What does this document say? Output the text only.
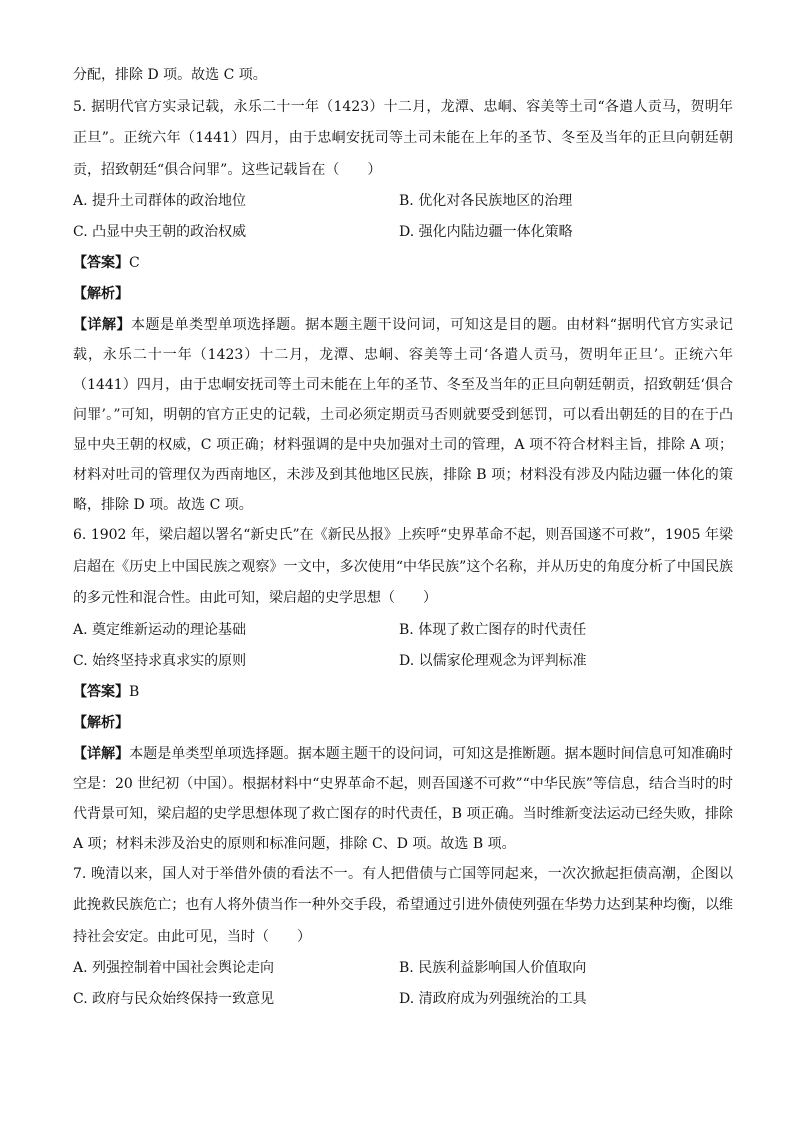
分配，排除 D 项。故选 C 项。

5. 据明代官方实录记载，永乐二十一年（1423）十二月，龙潭、忠峒、容美等土司“各遣人贡马，贺明年正旦”。正统六年（1441）四月，由于忠峒安抚司等土司未能在上年的圣节、冬至及当年的正旦向朝廷朝贡，招致朝廷“俱合问罪”。这些记载旨在（　　）

A. 提升土司群体的政治地位	B. 优化对各民族地区的治理
C. 凸显中央王朝的政治权威	D. 强化内陆边疆一体化策略
【答案】C
【解析】

【详解】本题是单类型单项选择题。据本题主题干设问词，可知这是目的题。由材料“据明代官方实录记载，永乐二十一年（1423）十二月，龙潭、忠峒、容美等土司‘各遣人贡马，贺明年正旦’。正统六年（1441）四月，由于忠峒安抚司等土司未能在上年的圣节、冬至及当年的正旦向朝廷朝贡，招致朝廷‘俱合问罪’。”可知，明朝的官方正史的记载，土司必须定期贡马否则就要受到惩罚，可以看出朝廷的目的在于凸显中央王朝的权威，C 项正确；材料强调的是中央加强对土司的管理，A 项不符合材料主旨，排除 A 项；材料对吐司的管理仅为西南地区，未涉及到其他地区民族，排除 B 项；材料没有涉及内陆边疆一体化的策略，排除 D 项。故选 C 项。

6. 1902 年，梁启超以署名“新史氏”在《新民丛报》上疾呼“史界革命不起，则吾国遂不可救”，1905 年梁启超在《历史上中国民族之观察》一文中，多次使用“中华民族”这个名称，并从历史的角度分析了中国民族的多元性和混合性。由此可知，梁启超的史学思想（　　）

A. 奠定维新运动的理论基础	B. 体现了救亡图存的时代责任
C. 始终坚持求真求实的原则	D. 以儒家伦理观念为评判标准
【答案】B
【解析】

【详解】本题是单类型单项选择题。据本题主题干的设问词，可知这是推断题。据本题时间信息可知准确时空是：20 世纪初（中国）。根据材料中“史界革命不起，则吾国遂不可救”“中华民族”等信息，结合当时的时代背景可知，梁启超的史学思想体现了救亡图存的时代责任，B 项正确。当时维新变法运动已经失败，排除 A 项；材料未涉及治史的原则和标准问题，排除 C、D 项。故选 B 项。

7. 晚清以来，国人对于举借外债的看法不一。有人把借债与亡国等同起来，一次次掀起拒债高潮，企图以此挽救民族危亡；也有人将外债当作一种外交手段，希望通过引进外债使列强在华势力达到某种均衡，以维持社会安定。由此可见，当时（　　）

A. 列强控制着中国社会舆论走向	B. 民族利益影响国人价值取向
C. 政府与民众始终保持一致意见	D. 清政府成为列强统治的工具
